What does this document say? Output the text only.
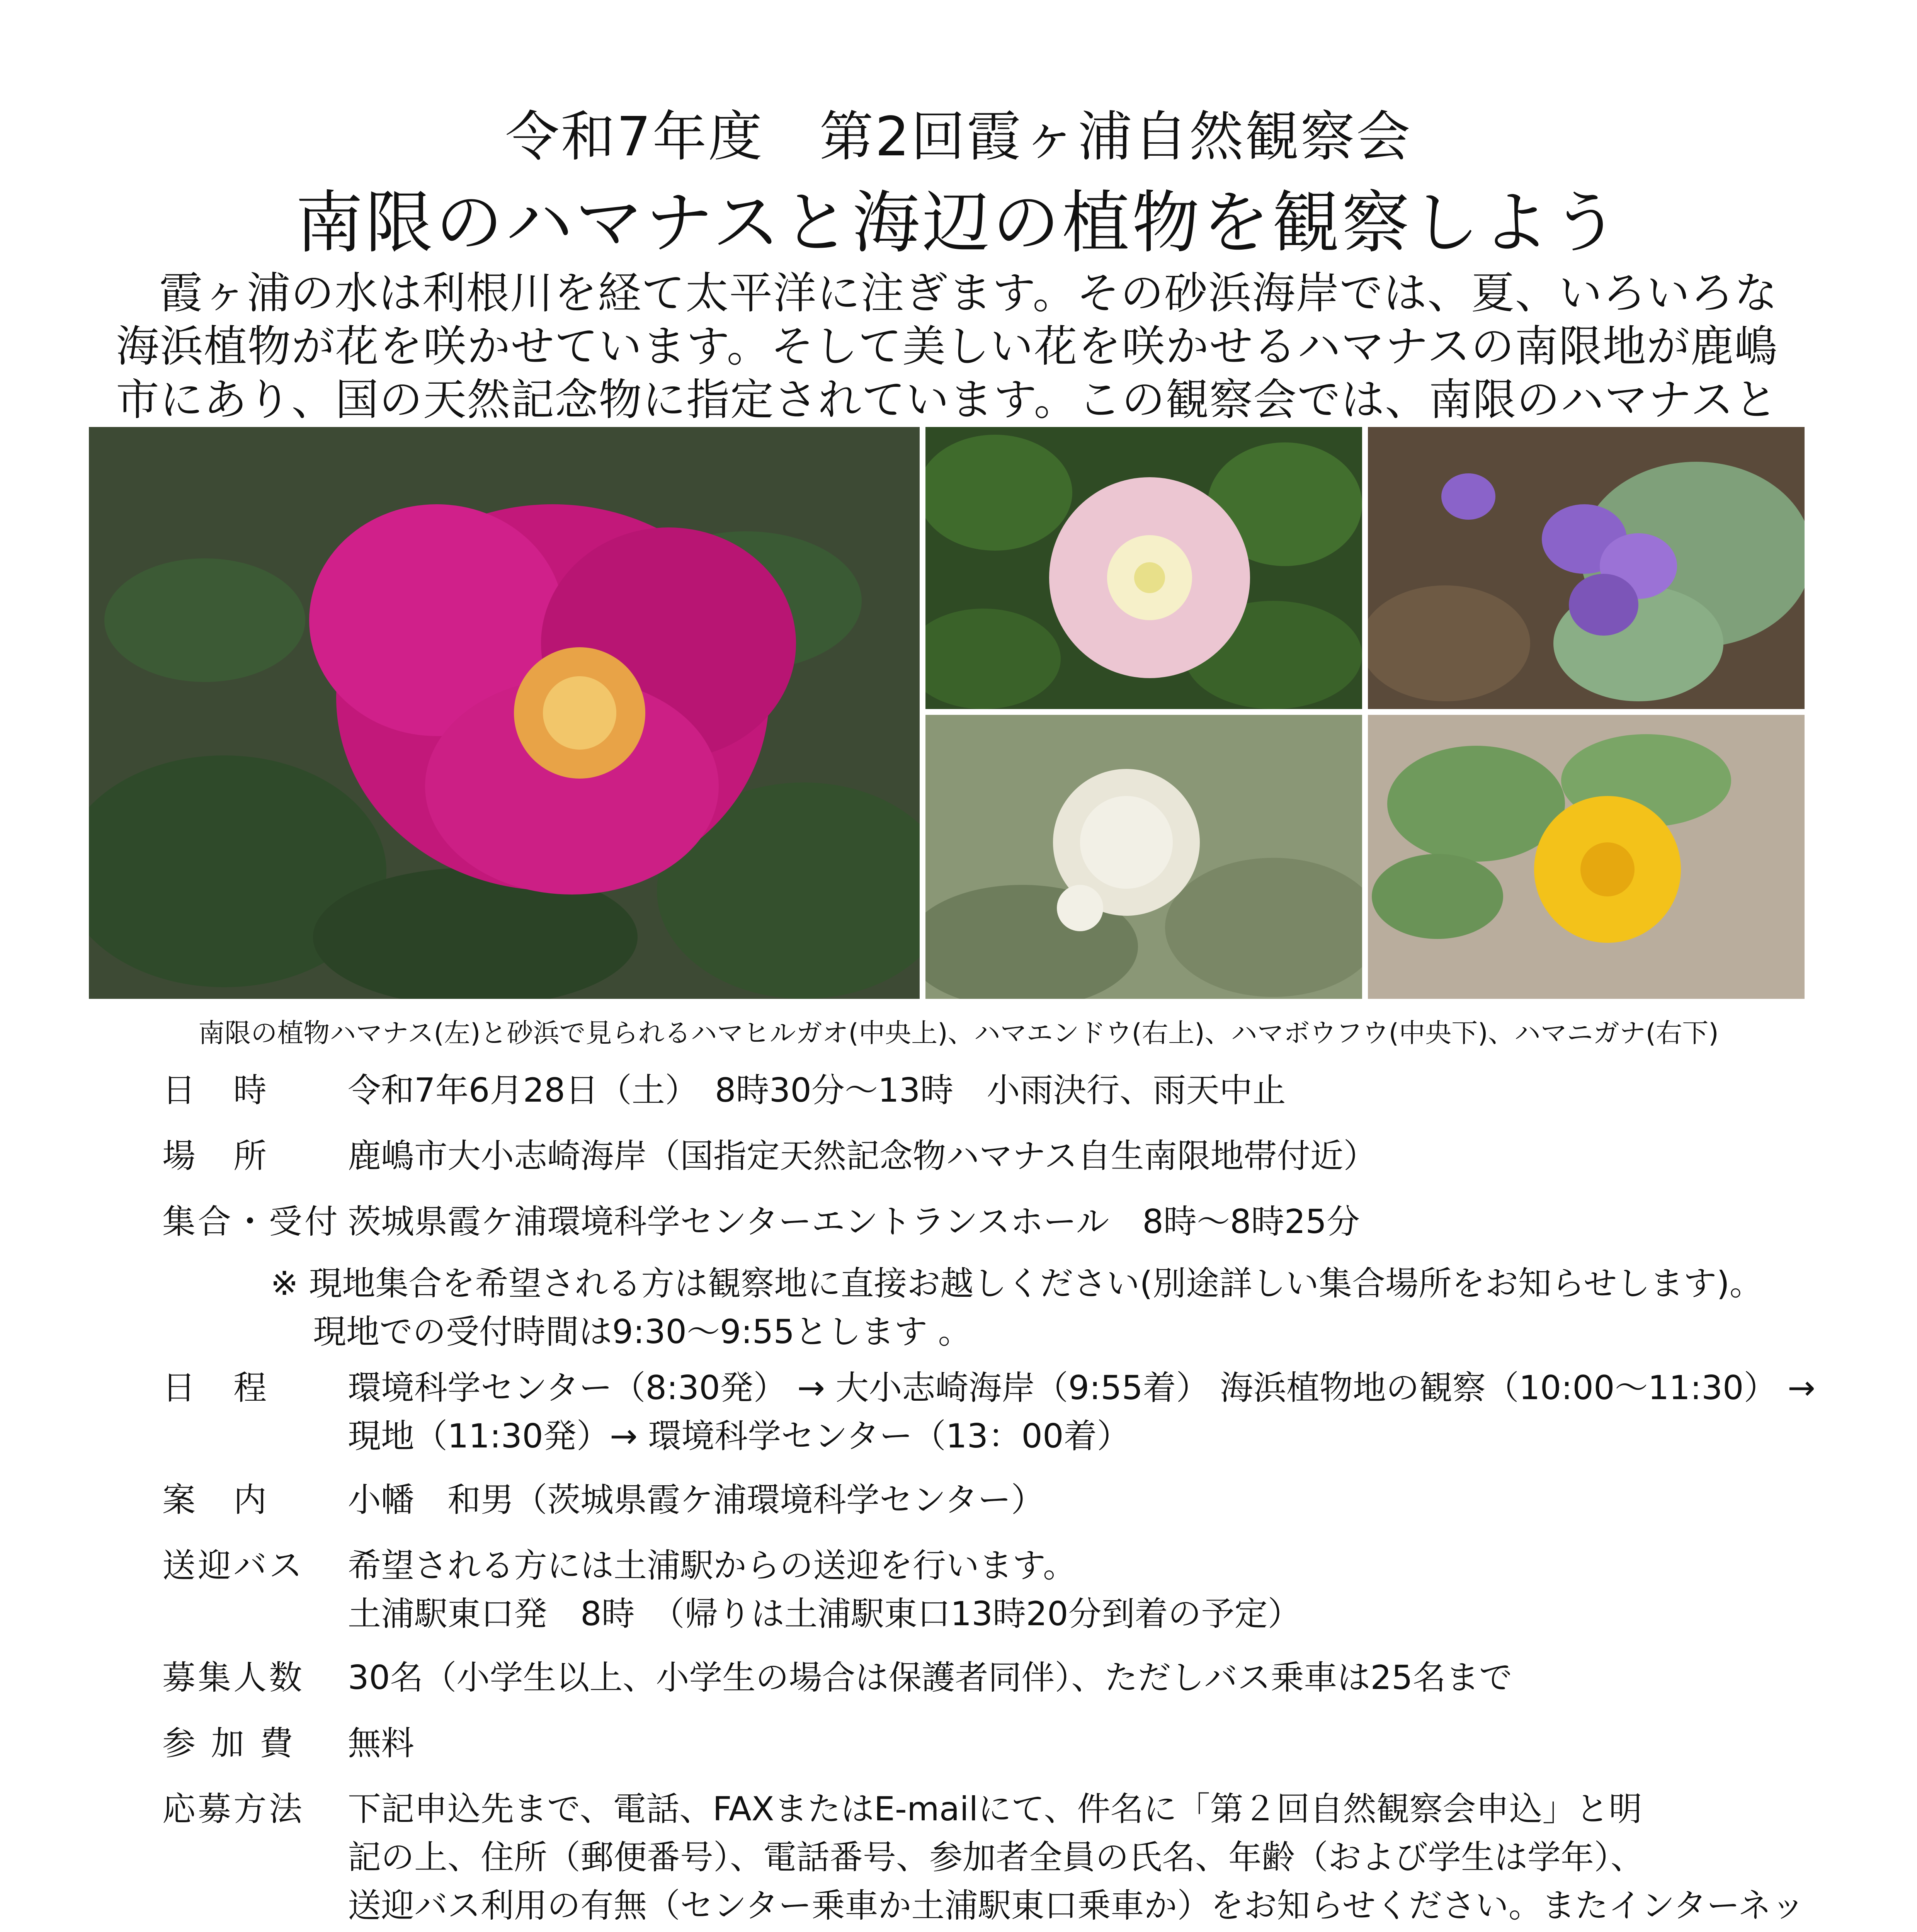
令和7年度　第2回霞ヶ浦自然観察会
南限のハマナスと海辺の植物を観察しよう

霞ヶ浦の水は利根川を経て太平洋に注ぎます。その砂浜海岸では、夏、いろいろな海浜植物が花を咲かせています。そして美しい花を咲かせるハマナスの南限地が鹿嶋市にあり、国の天然記念物に指定されています。この観察会では、南限のハマナスと

南限の植物ハマナス(左)と砂浜で見られるハマヒルガオ(中央上)、ハマエンドウ(右上)、ハマボウフウ(中央下)、ハマニガナ(右下)
日　時	令和7年6月28日（土）　8時30分～13時　小雨決行、雨天中止
場　所	鹿嶋市大小志崎海岸（国指定天然記念物ハマナス自生南限地帯付近）
集合・受付 茨城県霞ケ浦環境科学センターエントランスホール　8時～8時25分
※ 現地集合を希望される方は観察地に直接お越しください(別途詳しい集合場所をお知らせします)。
現地での受付時間は9:30～9:55とします 。
日　程	環境科学センター（8:30発） → 大小志崎海岸（9:55着） 海浜植物地の観察（10:00～11:30） →
現地（11:30発）→ 環境科学センター（13：00着）
案　内	小幡　和男（茨城県霞ケ浦環境科学センター）
送迎バス	希望される方には土浦駅からの送迎を行います。
土浦駅東口発　8時　（帰りは土浦駅東口13時20分到着の予定）
募集人数	30名（小学生以上、小学生の場合は保護者同伴）、ただしバス乗車は25名まで
参加費	無料
応募方法	下記申込先まで、電話、FAXまたはE-mailにて、件名に「第２回自然観察会申込」と明
記の上、住所（郵便番号）、電話番号、参加者全員の氏名、年齢（および学生は学年）、
送迎バス利用の有無（センター乗車か土浦駅東口乗車か）をお知らせください。またインターネッ
